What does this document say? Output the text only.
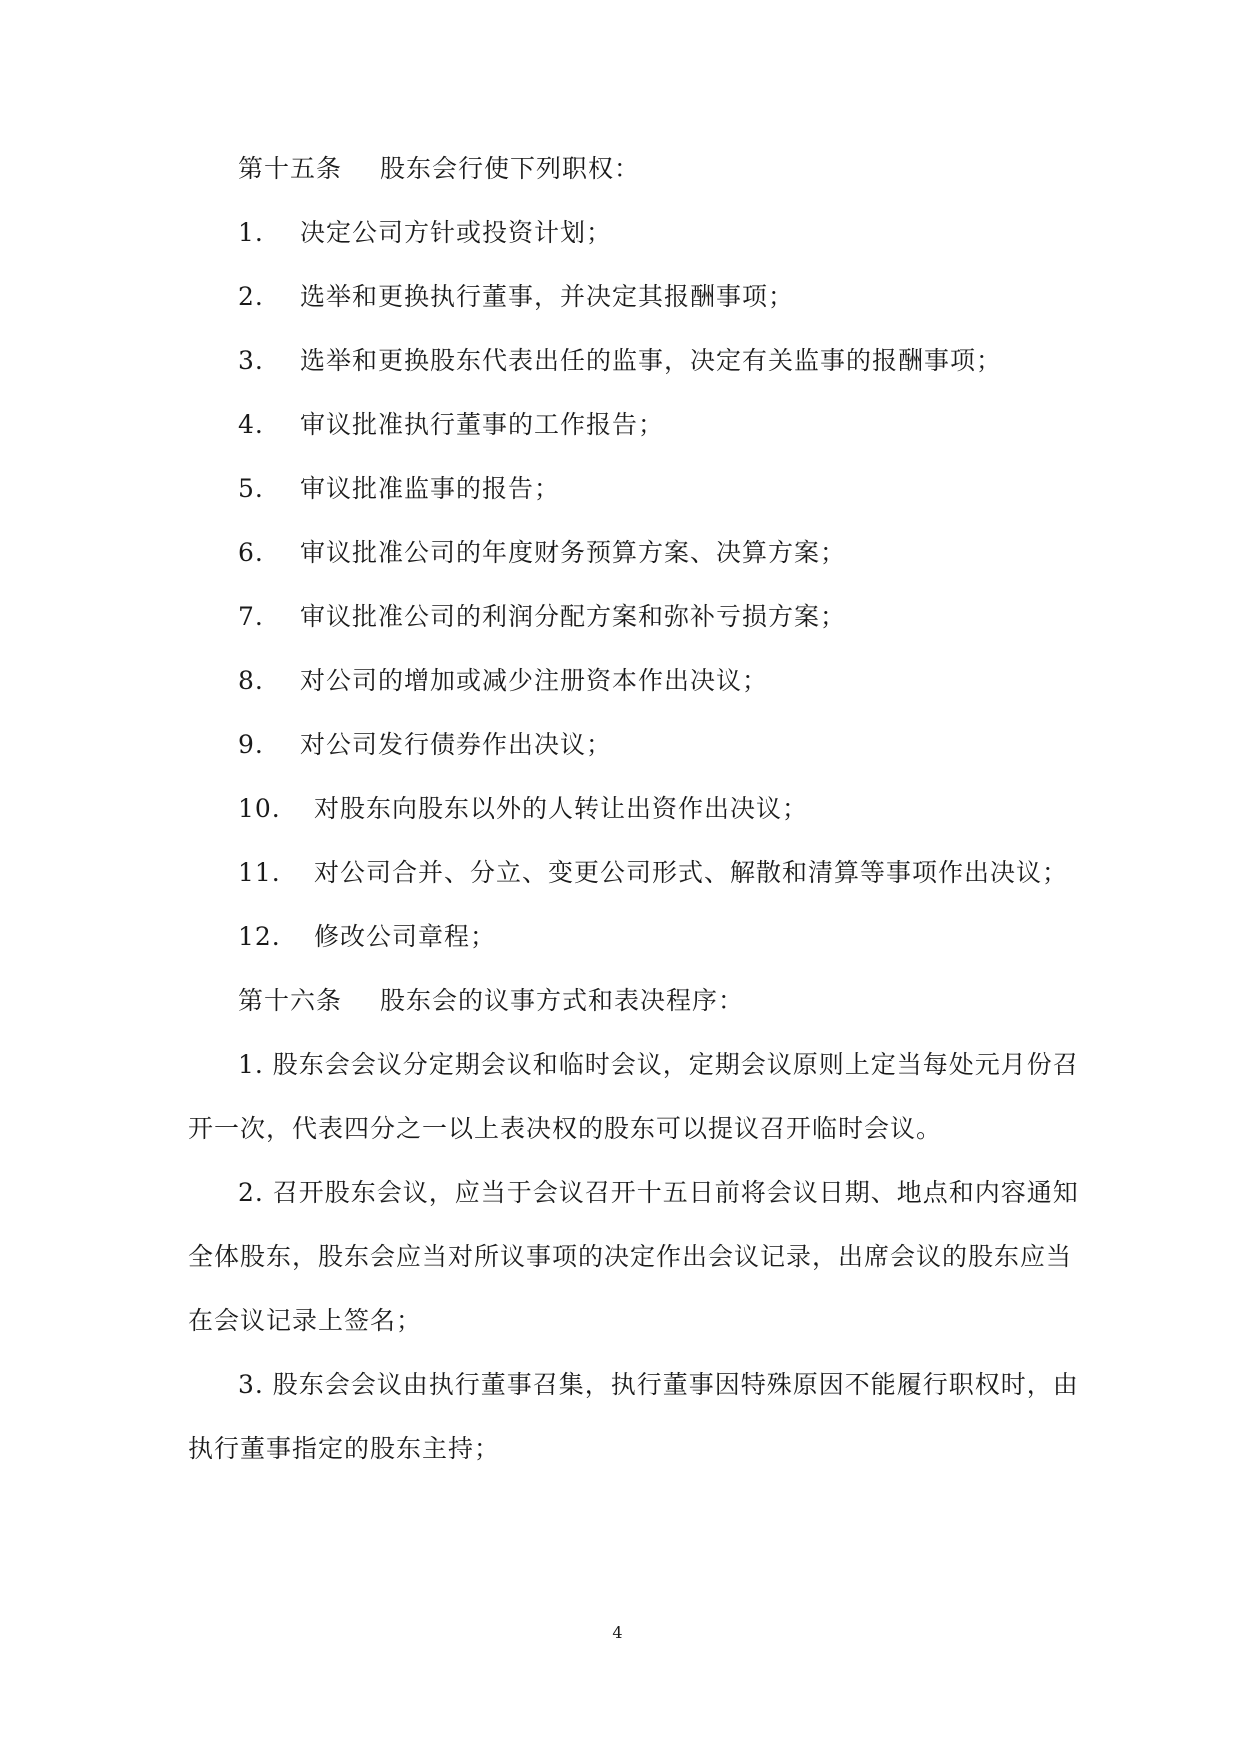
第十五条 股东会行使下列职权：
1. 决定公司方针或投资计划；
2. 选举和更换执行董事，并决定其报酬事项；
3. 选举和更换股东代表出任的监事，决定有关监事的报酬事项；
4. 审议批准执行董事的工作报告；
5. 审议批准监事的报告；
6. 审议批准公司的年度财务预算方案、决算方案；
7. 审议批准公司的利润分配方案和弥补亏损方案；
8. 对公司的增加或减少注册资本作出决议；
9. 对公司发行债券作出决议；
10. 对股东向股东以外的人转让出资作出决议；
11. 对公司合并、分立、变更公司形式、解散和清算等事项作出决议；
12. 修改公司章程；
第十六条 股东会的议事方式和表决程序：
1. 股东会会议分定期会议和临时会议，定期会议原则上定当每处元月份召
开一次，代表四分之一以上表决权的股东可以提议召开临时会议。
2. 召开股东会议，应当于会议召开十五日前将会议日期、地点和内容通知
全体股东，股东会应当对所议事项的决定作出会议记录，出席会议的股东应当
在会议记录上签名；
3. 股东会会议由执行董事召集，执行董事因特殊原因不能履行职权时，由
执行董事指定的股东主持；
4
